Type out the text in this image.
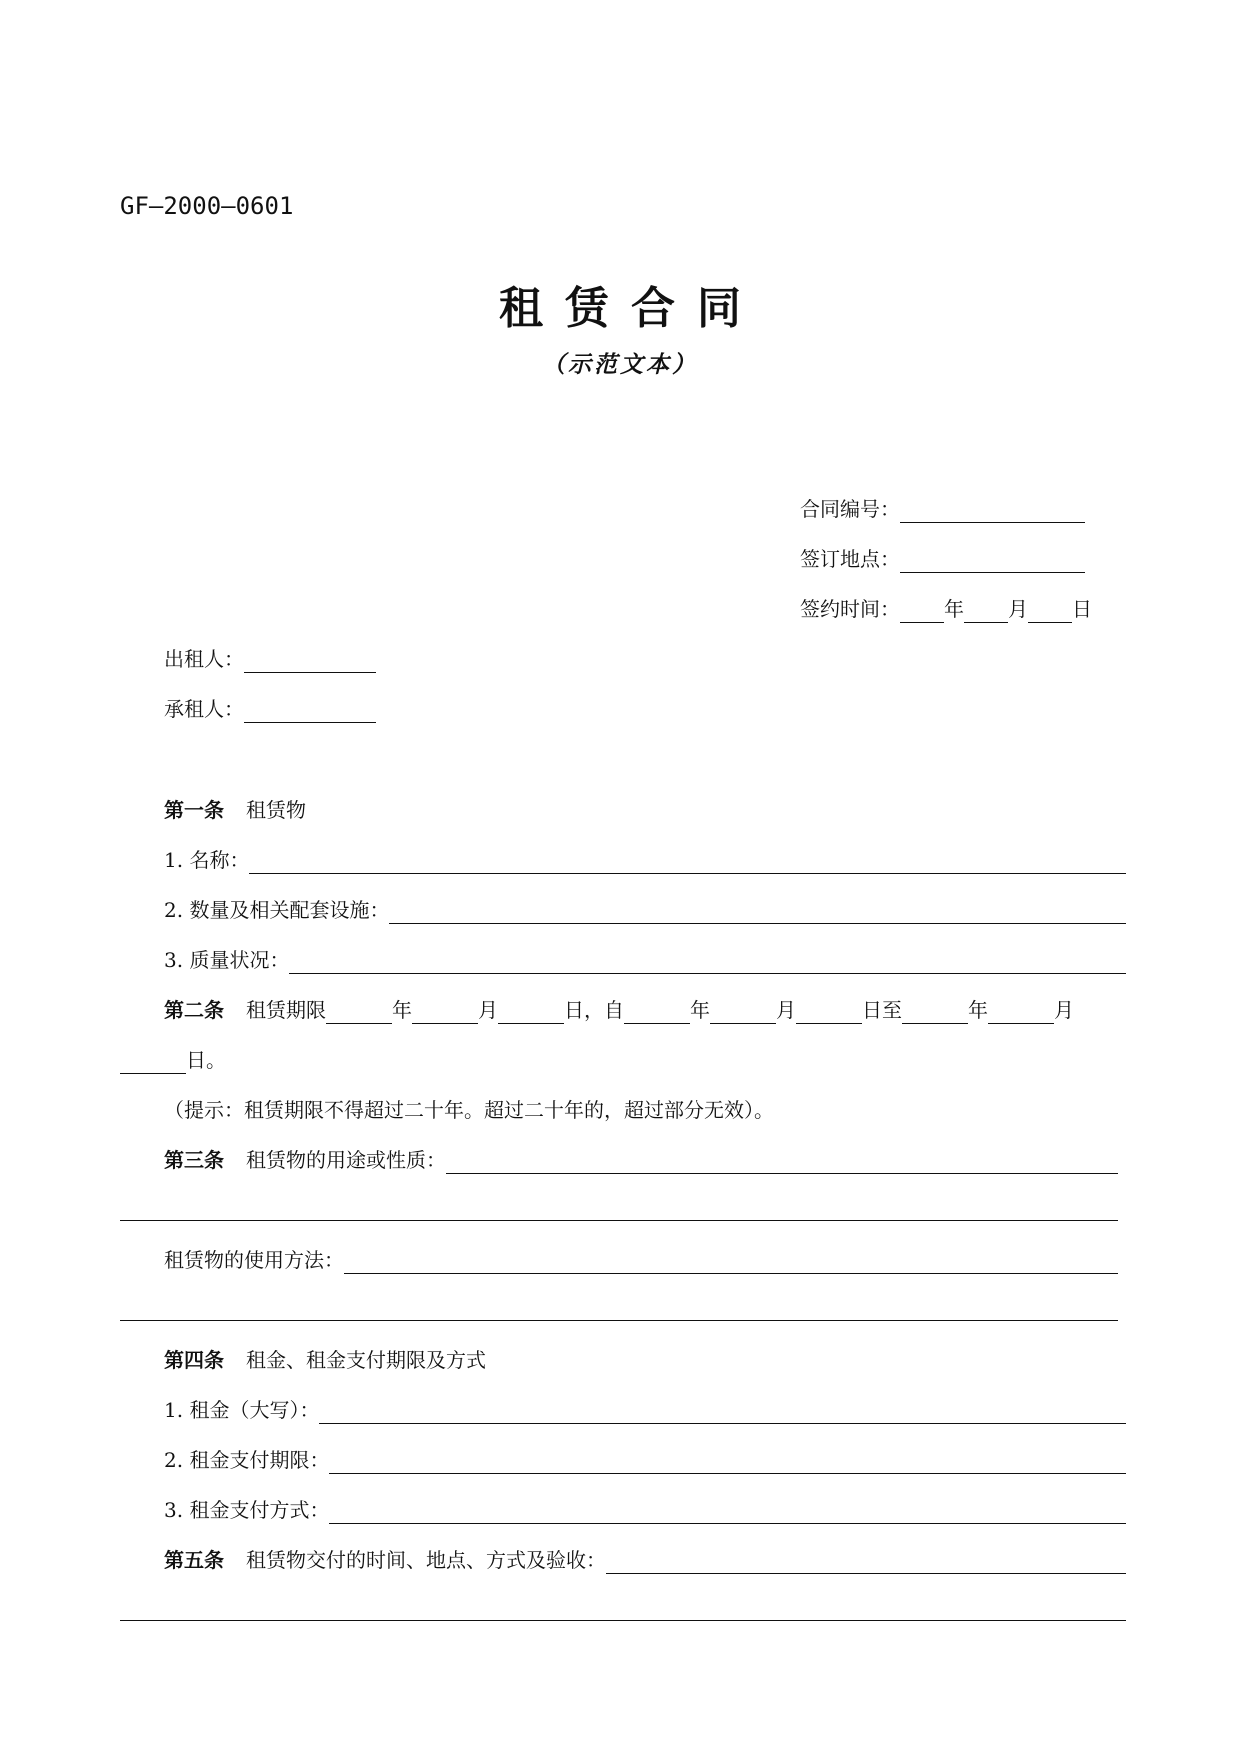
GF—2000—0601
租赁合同
（示范文本）
合同编号：
签订地点：
签约时间： 年 月 日
出租人：
承租人：
第一条 租赁物
1. 名称：
2. 数量及相关配套设施：
3. 质量状况：
第二条 租赁期限	年	月	日，自	年	月	日至	年	月
日。
（提示：租赁期限不得超过二十年。超过二十年的，超过部分无效）。
第三条 租赁物的用途或性质：
租赁物的使用方法：
第四条 租金、租金支付期限及方式
1. 租金（大写）：
2. 租金支付期限：
3. 租金支付方式：
第五条 租赁物交付的时间、地点、方式及验收：
